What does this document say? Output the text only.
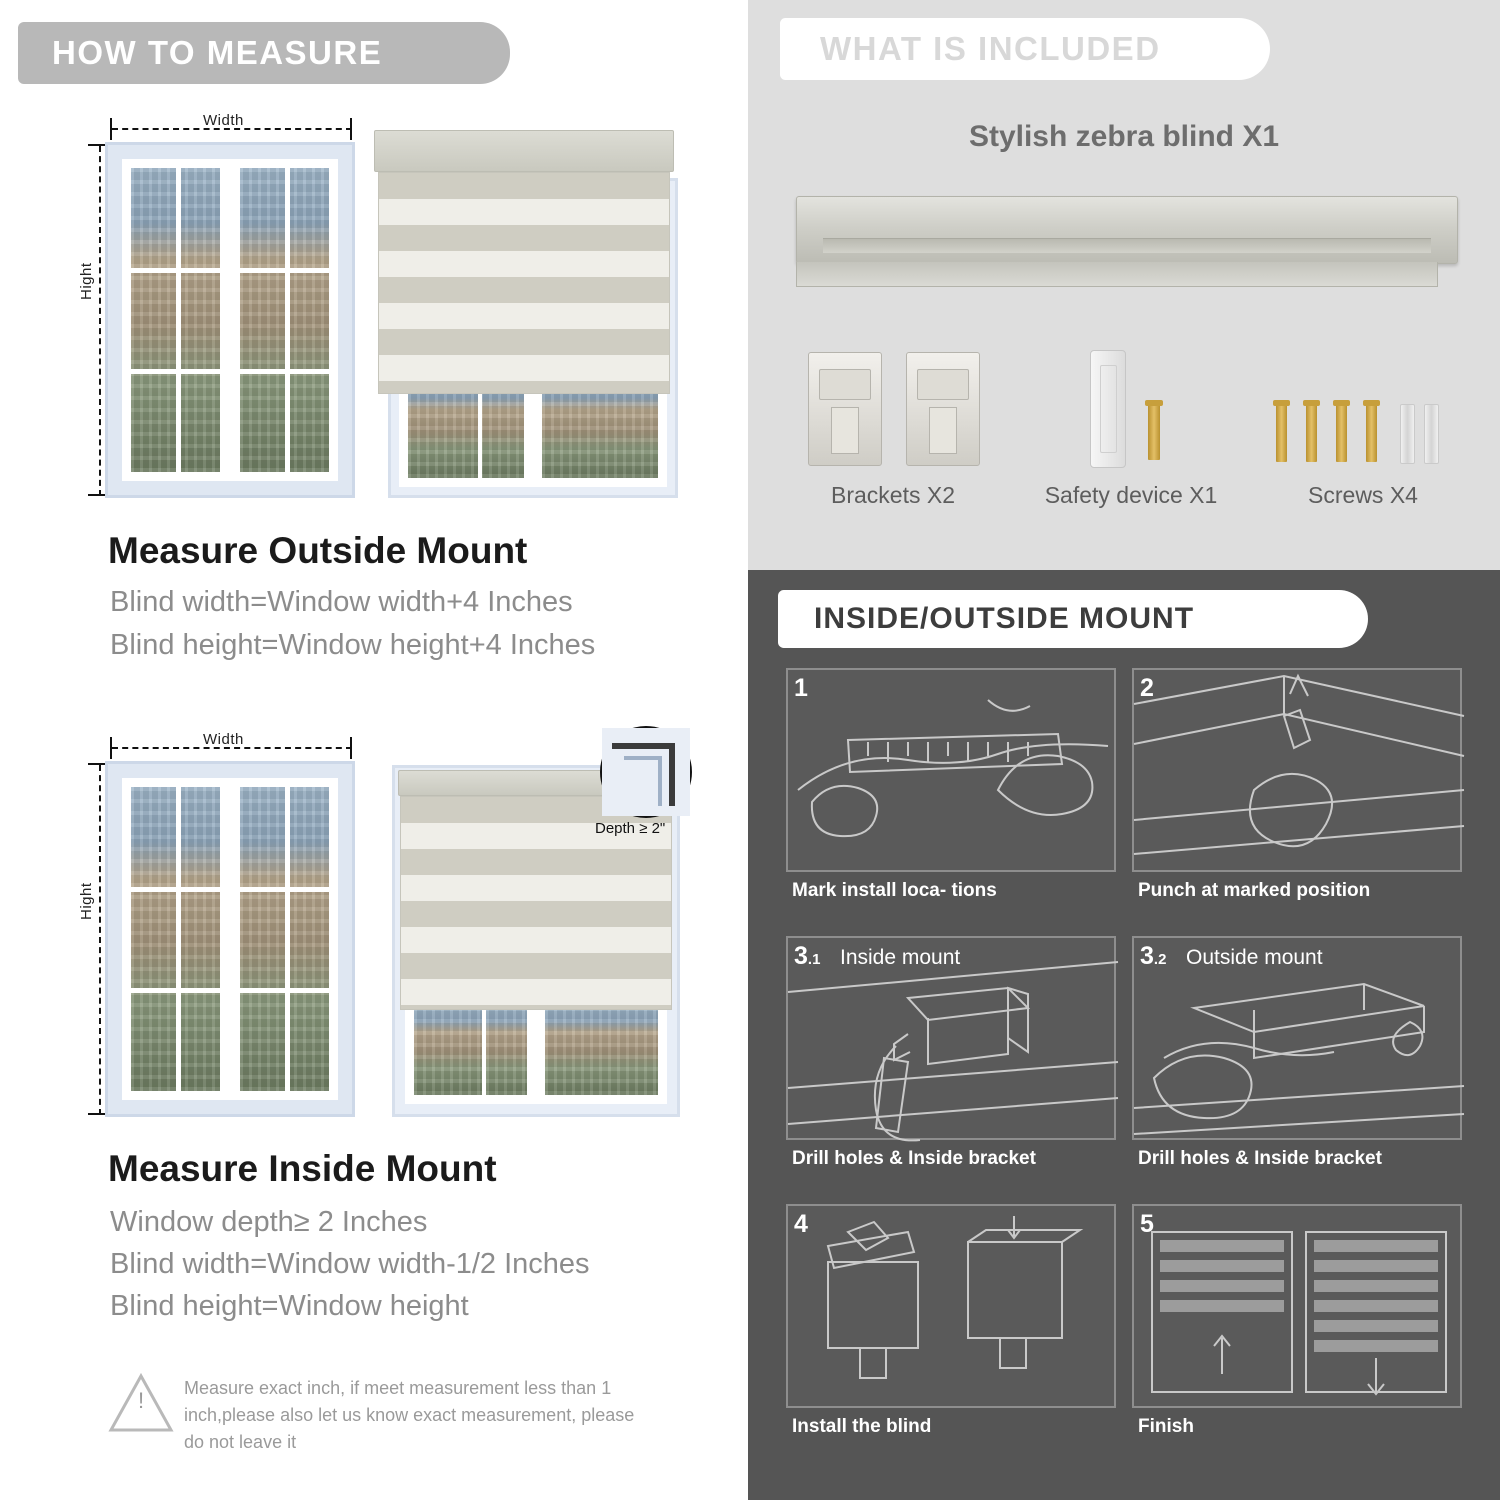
HOW TO MEASURE
Width
Hight
Measure Outside Mount
Blind width=Window width+4 Inches
Blind height=Window height+4 Inches
Width
Hight
Depth ≥ 2"
Measure Inside Mount
Window depth≥ 2 Inches
Blind width=Window width-1/2 Inches
Blind height=Window height
!	Measure exact inch, if meet measurement less than 1 inch,please also let us know exact measurement, please do not leave it
WHAT IS INCLUDED
Stylish zebra blind X1
Brackets X2	Safety device X1	Screws X4
INSIDE/OUTSIDE MOUNT
1
Mark install loca- tions
2
Punch at marked position
3.1 Inside mount
Drill holes & Inside bracket
3.2 Outside mount
Drill holes & Inside bracket
4
Install the blind
5
Finish
